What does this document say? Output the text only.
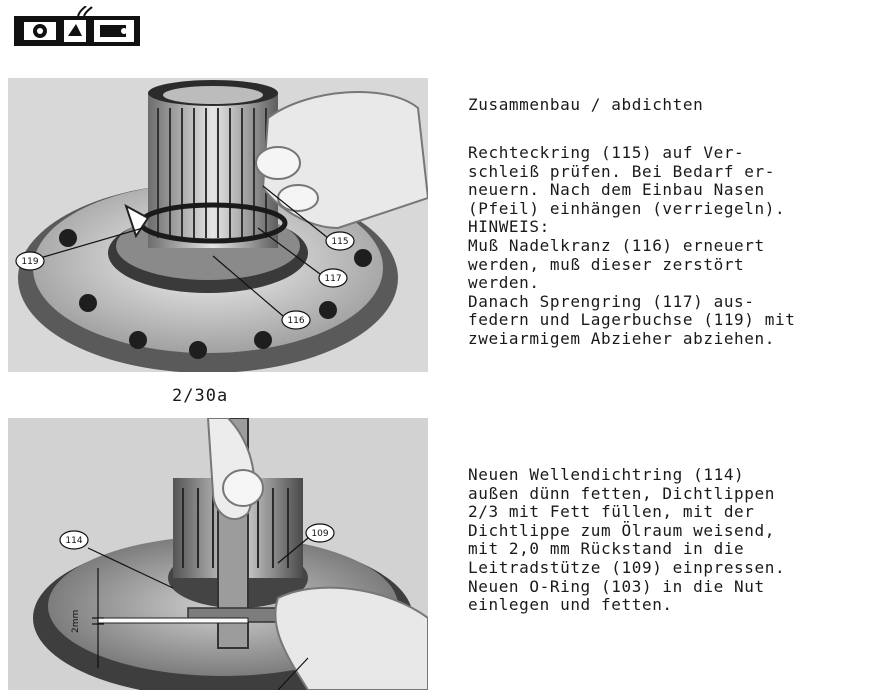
115
119
117
116
2/30a
2mm
114
109
Zusammenbau / abdichten
Rechteckring (115) auf Ver-
schleiß prüfen. Bei Bedarf er-
neuern. Nach dem Einbau Nasen
(Pfeil) einhängen (verriegeln).
HINWEIS:
Muß Nadelkranz (116) erneuert
werden, muß dieser zerstört
werden.
Danach Sprengring (117) aus-
federn und Lagerbuchse (119) mit
zweiarmigem Abzieher abziehen.
Neuen Wellendichtring (114)
außen dünn fetten, Dichtlippen
2/3 mit Fett füllen, mit der
Dichtlippe zum Ölraum weisend,
mit 2,0 mm Rückstand in die
Leitradstütze (109) einpressen.
Neuen O-Ring (103) in die Nut
einlegen und fetten.
